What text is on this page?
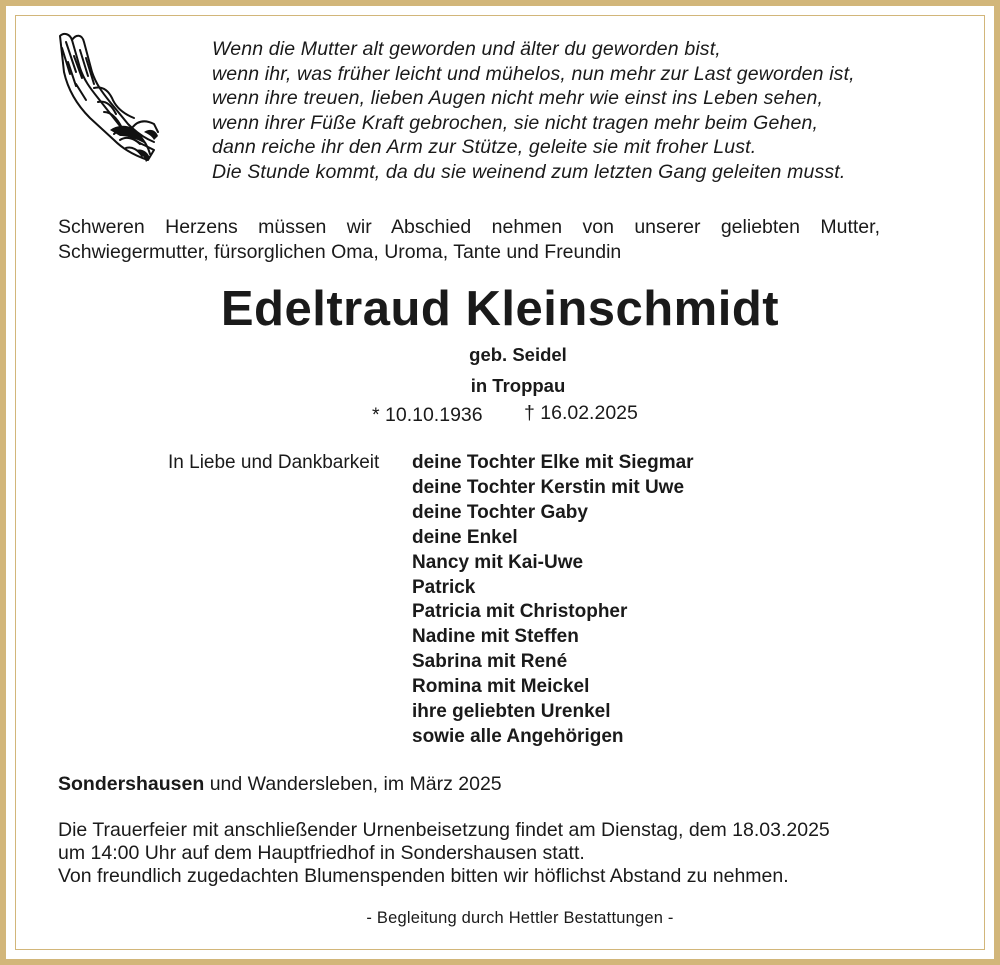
Wenn die Mutter alt geworden und älter du geworden bist,
wenn ihr, was früher leicht und mühelos, nun mehr zur Last geworden ist,
wenn ihre treuen, lieben Augen nicht mehr wie einst ins Leben sehen,
wenn ihrer Füße Kraft gebrochen, sie nicht tragen mehr beim Gehen,
dann reiche ihr den Arm zur Stütze, geleite sie mit froher Lust.
Die Stunde kommt, da du sie weinend zum letzten Gang geleiten musst.
Schweren Herzens müssen wir Abschied nehmen von unserer geliebten Mutter,
Schwiegermutter, fürsorglichen Oma, Uroma, Tante und Freundin
Edeltraud Kleinschmidt
geb. Seidel
in Troppau
* 10.10.1936 † 16.02.2025
In Liebe und Dankbarkeit deine Tochter Elke mit Siegmar
deine Tochter Kerstin mit Uwe
deine Tochter Gaby
deine Enkel
Nancy mit Kai-Uwe
Patrick
Patricia mit Christopher
Nadine mit Steffen
Sabrina mit René
Romina mit Meickel
ihre geliebten Urenkel
sowie alle Angehörigen
Sondershausen und Wandersleben, im März 2025
Die Trauerfeier mit anschließender Urnenbeisetzung findet am Dienstag, dem 18.03.2025
um 14:00 Uhr auf dem Hauptfriedhof in Sondershausen statt.
Von freundlich zugedachten Blumenspenden bitten wir höflichst Abstand zu nehmen.
- Begleitung durch Hettler Bestattungen -
